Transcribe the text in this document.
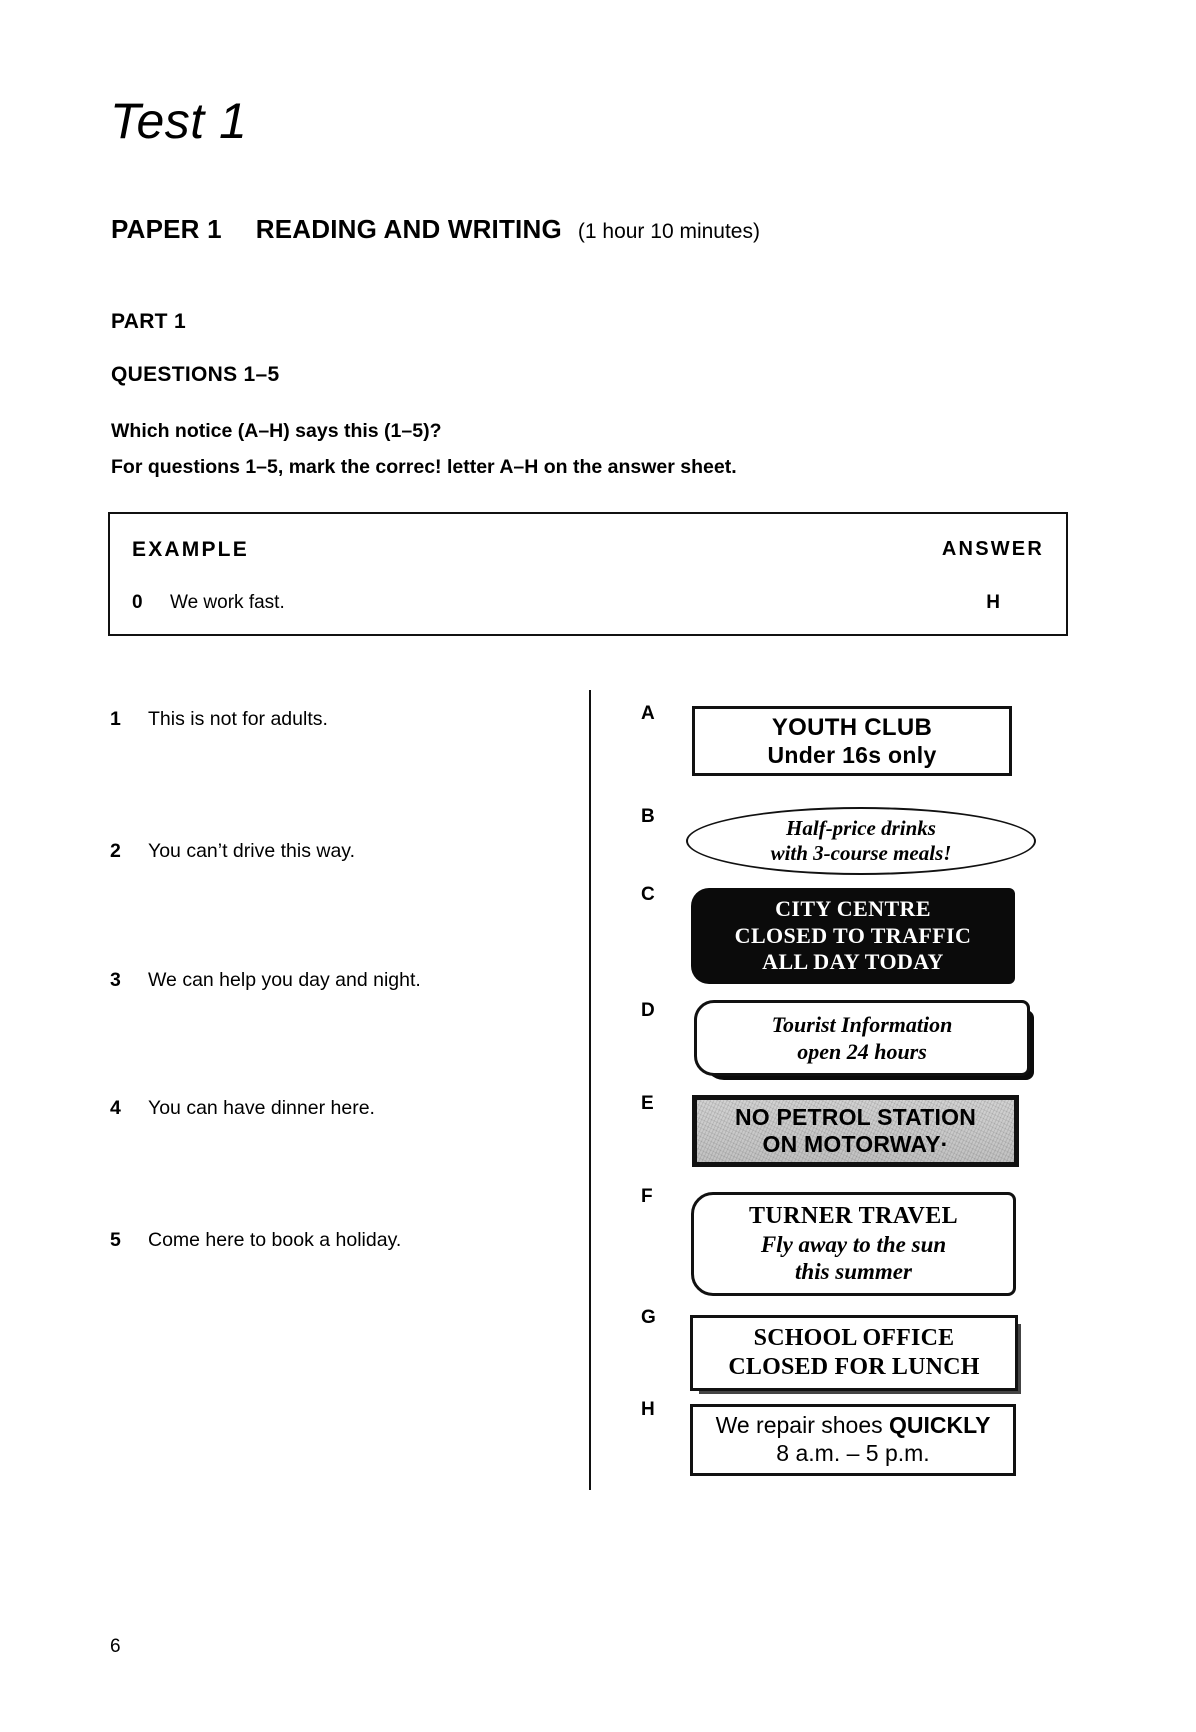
Test 1
PAPER 1 READING AND WRITING (1 hour 10 minutes)
PART 1
QUESTIONS 1–5
Which notice (A–H) says this (1–5)?
For questions 1–5, mark the correc! letter A–H on the answer sheet.
EXAMPLE	ANSWER
0 We work fast.	H
1 This is not for adults.
2 You can’t drive this way.
3 We can help you day and night.
4 You can have dinner here.
5 Come here to book a holiday.
A
B
C
D
E
F
G
H
YOUTH CLUB
Under 16s only
Half-price drinks
with 3-course meals!
CITY CENTRE
CLOSED TO TRAFFIC
ALL DAY TODAY
Tourist Information
open 24 hours
NO PETROL STATION
ON MOTORWAY·
TURNER TRAVEL
Fly away to the sun
this summer
SCHOOL OFFICE
CLOSED FOR LUNCH
We repair shoes QUICKLY
8 a.m. – 5 p.m.
6
